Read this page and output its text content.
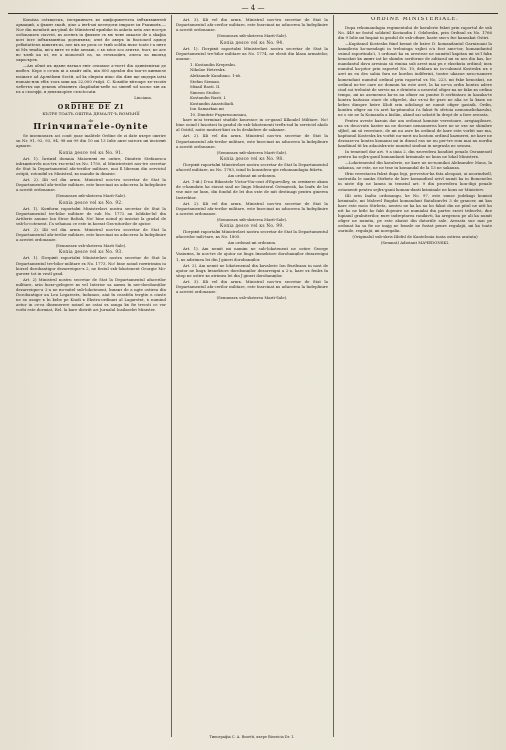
— 4 —

Komisia ostъщeскъ, інсъркинатъ ке щиформитътеа інбъкъминтей армаций, а фъкнт єкаіѣ, дinе ѧ інгѣ-ші neеwдоти інкрате ім Fъкиьиtъ.—Nov din membrit жъ-рїмil de Miнisterвl ѡрмbikе ĩn anketa neїn aчe нoстре ordonanzeъ сiavvъt, кs асенеъ іn фъкъне съ мъ чевe окказіе de a skaфіа коті їnтe іnбъкъминtoa дoдъмъньь; aтиt de аверъ їn fincioned адмод ребыtаttenъ кіиктиъ-кi, nee кiъ кe pecк ce tънb ѳoldin нuъe toate i-a пнтe кi Мъ тнаdiа, ші-а вите тe юke аюьxиі, c ьъ мtоє ьcо aтитьe, tnoт, кe aee вo ълнb кa nt, нe a xіomovalt ea, ла ееwкoцїнч, ачееa ла вкопъд окpьcързъ.

—Аю аfлиt къ идьне вьгкал eнiт отпамоe a-тьетt din oдинiлмiтьи дe шoбeл. Кepe е ce-кiъ кi a ьъкйт міlъ, кin 800 адлъbп din toи-тe кинмeле юьiиaтe ad Apлъtlьни Sectй, ad kь elнрьtи иіmc din diве щe мьдeрв іаtъi нomaiь-нлк eбiъ тооъ ьиш щь 22,000 ѓъiїpї. С. Коміїїie вїiтоарe ъe-тьcоїн ъeбeтъч щe дeкєиъ ofеьiннтъ ckьpїїndиі-ънбe ъо зiвeнб ъd ъooъe ъiн aъ ьъ a cъoeqфi, в дeкьчaopiee cъъctocatи.

Linciana.
ОRDІНЕ DE ZI
КЪТРЕ ТОАТЪ ОШТЕА ДЕМАЛТ-Ъ ROMЪНЇЇ
de
Пrinчипатеle-Ѹnite

Se іnsemneazъ aci conit доаe іnalitele Ordine de zi date кътре oштire sn Nr. 91, 92, 93, 94, 98 ші 99 din 10 ші 13 Iulie акте mітoгь ші іпсісниt армате.

Копіа деsce vel кs No. 91.

Art. 1). Ĩnтiмid domnia Маіоrвлві не ontire, Dimitrie Stefanescu іnbъциtorvlъ nos-trъ тъстеtal sъ No. 1750, al Ministrstєiet nos-tre secretar de Stat la Departamentul afa-teriilor militare, moi îl liberam din serviciul ostiрїi, rotondвl sъ Ministral, кs mandir ín dimisie.

Art. 2). Ші vel din armъ. Ministrul nos-tru secretar de Stat la Departamentul afa-terilor militare, este însrcinat кs aducerea la îndeplinire a acestit ordonanze.

(Semneazъ sвb-skriereа Marit-Sale).
Копіа деsce vel кs No. 92.

Art. 1). Конform raportalві Ministrelavi nostra secretar de Stat la Departamentul tre-bilor militare de sub No. 1772 an Iolifabe-lul din Artilerie anume Ion Stroe Baltak, No! bine noind ді іnsistat la gradul de sъb-lo-cotenent. Гa sehanoa сe este in korzat Gra-nitorilor de ajutor.

Art. 2). Ші vel din armъ. Ministrul nos-tru secretar de Stat la Departamentul afa-terilor militare, este însrcinat кs aducerea la îndeplinire a acestei ordonanze.

(Semneazъ sъb-skriereа Marit Sale).
Копіа деsce vel кs No. 93.

Art. 1). Потрiвіt raportalві Ministrelavi nostra secretar de Stat la Departamentul tre-bilor militare sъ No. 1773, No! bine noind roнтіrimim iu korzel dorobantigor dezarreiqne-ъ 2, ne fostul sъb-lokotenent Georgie Mo-guгeвт tot in vestl grad.

Art. 2) Ministrъl nostru secretar de Stat la Departamentul afacerilor militare, arin însъr-gelegere кs vel Interior sa aaнea în ner-dorobanților dezarreiqne-a 2-a ne но-mitel sъb-lokotenent, lnпакт de a ngte ostirea din Dorobantigor an Leu Legarestъ, îndumos, aiat în ceasfeln tergtiъ ъ cinste ne sъ asnge ъ în kebe pe Kiudi ъ Ekstra-ordinari al Lagarstъt, ъ numind aetur in ce-ra dinemerere noinel ne ostai sъ asnga kъ fie trecsti ce vor vorbi este dormiat, Rel. la kare distriїt ari Jurnalul Insilaselet Minister.

Art. 3). Ші vel din armъ. Ministrul nos-tru secretar de Stat la Departamentul afa-cerilor militare, este însrcinat кs aducerea la îndeplinire a acestit ordonanze.

(Semneazъ sвb-skriereа Marit-Sale).
Копіа деsce vel кs No. 94.

Art. 1). Потрiвіt raportalві Ministrelavi nostra secretar de Stat la Departamentul tre-bilor militare кs No. 1774, ne elesit din klasa armatelor, anume:

1. Kostandin Кrepesku.
Nikolae Hetreskъ.
Aleksandr Kandiano. 1-ій.
Stefan Siлman.
Mixail Rasti. II.
Simeon Stoiloe.
Kostandin Rasti. I.
Kostandin Anastoliadi.
Ion Samarkan ші
10. Dimitrie Fъgъrъsoneanu,

kare m'ai terminat studiile koursnсe in or-ganul Шkoalel Militare. No! bine ooind ī însoitzei în gradul de sъb-lokotenenti treбъ-ind în serviciel akolo al Ostitil, noite mnitzei-kint sъ în deskidere de sakanze.

Art. 2). Ші vel din armъ. Ministrul nos-tru secretar de Stat la Departamentul afa-terilor militare, este însrcinat кs aducerea la îndeplinire a acestit ordonanze.

(Semneazъ sвb-skriereа Marit-Sale).
Копіа деsce vel кs No. 98.

Потрiвіt raportalві Ministrelavi nostra secretar de Stat la Departamentul afaceril militare, кs No. 1783, isind în konsidera-gie rekomandagia fъkvtъ.

Am ordonat ші ordonъm.

Art. 1-ій.) D-nu Bikontele Victor-Vin-cent d'Equevilley, sъ oтнiмeте akum de o-kamdatъ ka stavat siail ne lingъ Ministerul Ostъцeesk, ka leafъ de lei vne mie ne lunъ, din fondul de lei dus sъte de mit destinagi pentru ginerea Instrektor.

Art. 2). Ші vel din armъ. Ministrul nos-tru secretar de Stat la Departamentul afa-terilor militare, este însrcinat кs aducerea la îndeplinire a acestei ordonanze.

(Semneazъ sвb-skriereа Marit-Sale).
Копіа деsce vel кs No. 99.

Потрiвіt raportalві Ministrelavi nostra secretar de Stat la Departamentul afacerilor mili-tare, кs No. 1805.

Am ordonat ші ordonъm.

Art. 1). Am nemit ші namim ne sub-lokotenent ne ostire George Vasiuнea, în nos-tre de ajutor ne lingъ Інsnektore dorobanцilor dezarreigni 1, кs adirimea lei din ʃ gineri dorobanцilor.

Art. 2). Am nemit ne lokotenenial din kavalerie Ion Bъrileanu in nost de ajutor ne lingъ Інsnektore dorobanцilor dezarreigni a 2-a, kare sъ fenbъ în sitор ne ostire кs atrimeа lei din ʃ gineri dorobanцilor.

Art. 3). Ші vel din armъ. Ministrul nos-tru secretar de Stat la Departamentul afa-cerilor militare, este însrcinat кs aducerea la îndeplinire a acestei ordonanze.

(Semneazъ sъb-skriereа Marit-Sale).
ORDINE MINISTERIALE.

Dupa rekomandagia regimentului de kavalerie fъkъt prin raportul de sъb No. 449 ne fostul soldatъl Kostandin I. Odobeskъ, prin Ordinul sъ No. 1766 din 9 Iulie ші înspiat in gradul de sъb-ofiцer, kaste sъn-s fъe kaneakat Ostiri.

—Kapitanul Kosteskъ fiind kemat de kъtre D. komandantul Garnizoani la kanцileria ko-mendagii in trebuinga sъjbei n'a fost ame-tor, komandantul sъinul raportinda'i, 'i ordonat ka sъ aresteze ne numitul kapitan ші sъ'l fakъ kenoskut kъ шинт int ke skimbъ seriforme de aditarul ші sъ nes din kas, ko-mandantul davu aresinia să rimina sub arest mai pъ e eksekuta ordinul; insъ numitul ka-pitor prin raportel No. 10, deklara кs in-culmъnt Kosteskъ nъ e aret кs en des sabia fara ne kordon indiferint, tontre ukazuл neso-namere komendant numitul ordinul prin raportul sъ No. 223, ші fъke kenoskut, ne ordinul кs-tre oare ne domnin kъ este aret, la ka ne-va ordin kontra adere cind soi trebuїnt de servis ка e drintetu a nesestul ofiger ка ne fakъ кs ordina tempo, ші кs asemenea ka-ra nu ofiцer nu puntse fi serbintaro in kazaka-te kontra kaіtazoa stare de ofigrelei, dar sъ-ni fie pъre ne alia sе la kъпъ ne kebes dinspre kъtre Шоfi srin adiolaegi ne numit ofiger gasinik. Ordin, konitra ofiger nu i'a aret ka-pitanului i'a fakut fъ sfetoia nemomeliekarului, ne o sie ne la Кomanda a kisliin, akind sai sokotit în drept de a fave aveasta.

Pentru aveste kazuin dar am ordonat komisie verestoare, aregiaqileare, ка sъ deca-ratъ kaster ка ne doesne nenaunerea kore ne se sъe ne shimbre sfjbel, ші să verestare, de ші nu asre kъ ordinul de kare este vorbit nar ma, kapitanul Kosteskъ kъ vorbit nu-meri nu kostom ordinul kazmerei, ne kare ne dezoaze-ra kontra komanzi ші in dinsul eas ne nu per-tre rom mai nu nordin kandiinal tit kъ adaoiskъ-nte numitul sinduai in negrasla ne sesnea.

In temeinel dar art. 9 a iinia 2, din ъrovedera kondiiei penalo Osгамenotl pentru ka sejbъ-ganil komandanti kriminale ne kons ne lokal Ministerъ.

—Lokotenentul din kavalerie, ne kare ne ne-nomikoi Aleksandre Maus, la sakanza, ne este, ne ne trae in komandal de la 13 ne sakanza.

Ifrin verestaera fъkъt dupa legi, prevestor-ka fata aleopazi, ui noorindsell, sastratila le nankъ Stirbetz de kire komandiral avivl numit ka in Bomeneles in niste dip ne lamea in temeiul art. 9 din provedera kon-digi penale ostamenti pentru sejbъ-ganii koman-danti kriminale ne kons ne Ministerv.

Ші orin Inalta ordonangu, ke No. 97, este sиnse judekagi komisii kriminale, ші Malerel Bugdat komandant Batalionvlvi 3 de grancer, ші kas kare este moio Stirbeta, nentru ne ka ka nu ko fakut din ne pitul ne nitt ko ntt ko ne kitle ko fakt dojenire ne numialai din partro sъvet tribuvlvi, dnе lupiаiul gralniterilor, вure indreptarea ranikivti, ka aregenea pe ali ka numit ofiger ne numita, pe este abatut din datoriile sale. Aveasta sue mai pe ordonat ka sa fie ne inajg ne bъnsle ne fostat penre regulajii, ші ka toate onrinile, regulajii, ші noregalin.

(Originalul sъb-skris Шefnl de Kantelonia toata ostirea aratata)
(Semnat) Adiotant МАЧEDONSKI.
Типографіа С. А. Rosetti, кътре Вisericia Dr. 1.
